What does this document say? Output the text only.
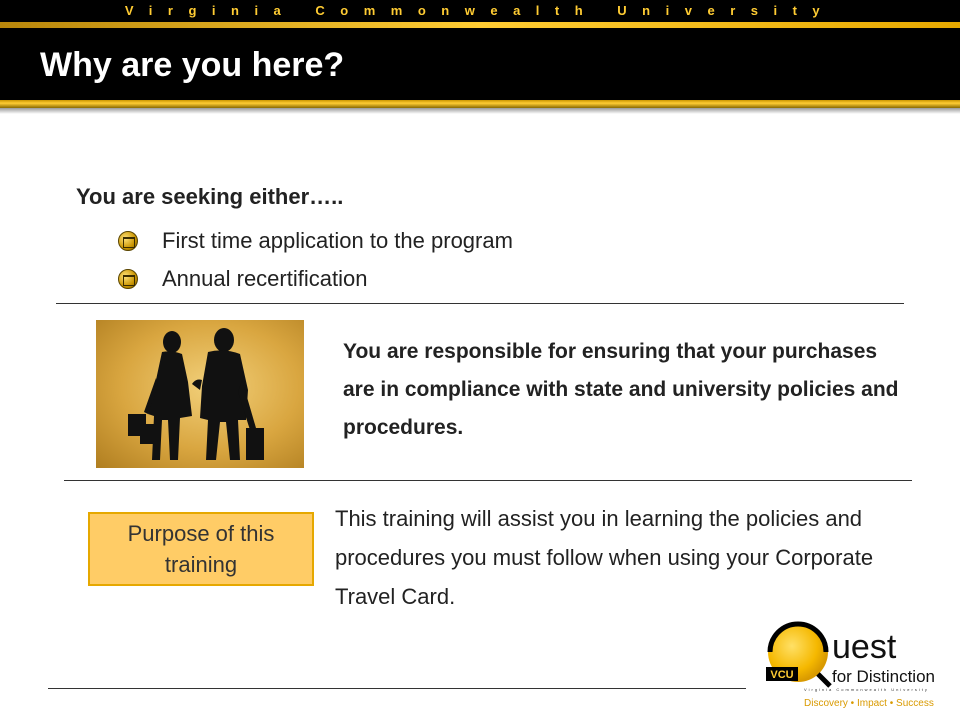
Virginia Commonwealth University
Why are you here?
You are seeking either…..
First time application to the program
Annual recertification
You are responsible for ensuring that your purchases are in compliance with state and university policies and procedures.
Purpose of this training
This training will assist you in learning the policies and procedures you must follow when using your Corporate Travel Card.
VCU
uest
for Distinction
Virginia Commonwealth University
Discovery • Impact • Success
